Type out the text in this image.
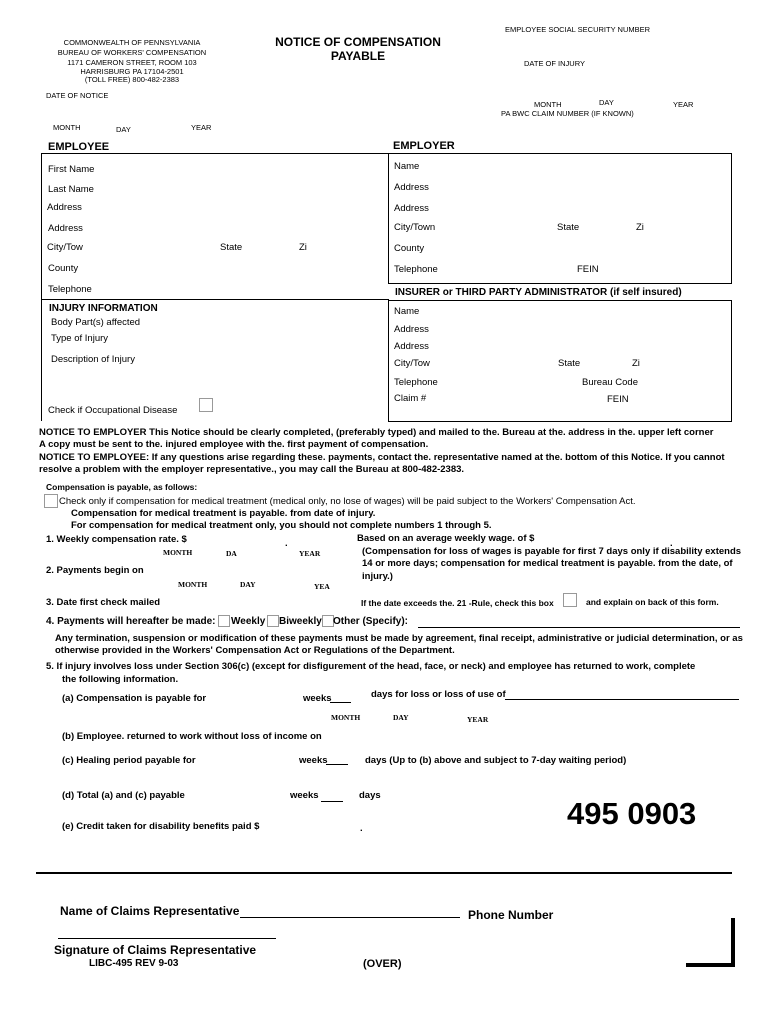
COMMONWEALTH OF PENNSYLVANIA
BUREAU OF WORKERS' COMPENSATION
1171 CAMERON STREET, ROOM 103
HARRISBURG PA 17104-2501
(TOLL FREE) 800-482-2383
NOTICE OF COMPENSATION
PAYABLE
EMPLOYEE SOCIAL SECURITY NUMBER
DATE OF INJURY
DATE OF NOTICE
MONTH	DAY	YEAR
PA BWC CLAIM NUMBER (IF KNOWN)
MONTH	DAY	YEAR
EMPLOYEE	EMPLOYER
First Name
Last Name
Address
Address
City/Tow	State	Zi
County
Telephone
Name
Address
Address
City/Town	State	Zi
County
Telephone	FEIN
INSURER or THIRD PARTY ADMINISTRATOR (if self insured)
INJURY INFORMATION
Body Part(s) affected
Type of Injury
Description of Injury
Check if Occupational Disease
Name
Address
Address
City/Tow	State	Zi
Telephone	Bureau Code
Claim #	FEIN
NOTICE TO EMPLOYER This Notice should be clearly completed, (preferably typed) and mailed to the. Bureau at the. address in the. upper left corner
A copy must be sent to the. injured employee with the. first payment of compensation.
NOTICE TO EMPLOYEE: If any questions arise regarding these. payments, contact the. representative named at the. bottom of this Notice. If you cannot
resolve a problem with the employer representative., you may call the Bureau at 800-482-2383.
Compensation is payable, as follows:
Check only if compensation for medical treatment (medical only, no lose of wages) will be paid subject to the Workers' Compensation Act.
Compensation for medical treatment is payable. from date of injury.
For compensation for medical treatment only, you should not complete numbers 1 through 5.
1. Weekly compensation rate. $	Based on an average weekly wage. of $
(Compensation for loss of wages is payable for first 7 days only if disability extends
14 or more days; compensation for medical treatment is payable. from the date, of
injury.)
.
.
MONTH	DA	YEAR
2. Payments begin on
MONTH	DAY	YEA
3. Date first check mailed	If the date exceeds the. 21 -Rule, check this box	and explain on back of this form.
4. Payments will hereafter be made: Weekly Biweekly Other (Specify):
Any termination, suspension or modification of these payments must be made by agreement, final receipt, administrative or judicial determination, or as
otherwise provided in the Workers' Compensation Act or Regulations of the Department.
5. If injury involves loss under Section 306(c) (except for disfigurement of the head, face, or neck) and employee has returned to work, complete
the following information.
(a) Compensation is payable for	weeks	days for loss or loss of use of
MONTH	DAY	YEAR
(b) Employee. returned to work without loss of income on
(c) Healing period payable for	weeks	days (Up to (b) above and subject to 7-day waiting period)
(d) Total (a) and (c) payable	weeks	days
(e) Credit taken for disability benefits paid $	.	495 0903
Name of Claims Representative	Phone Number
Signature of Claims Representative
LIBC-495 REV 9-03	(OVER)
